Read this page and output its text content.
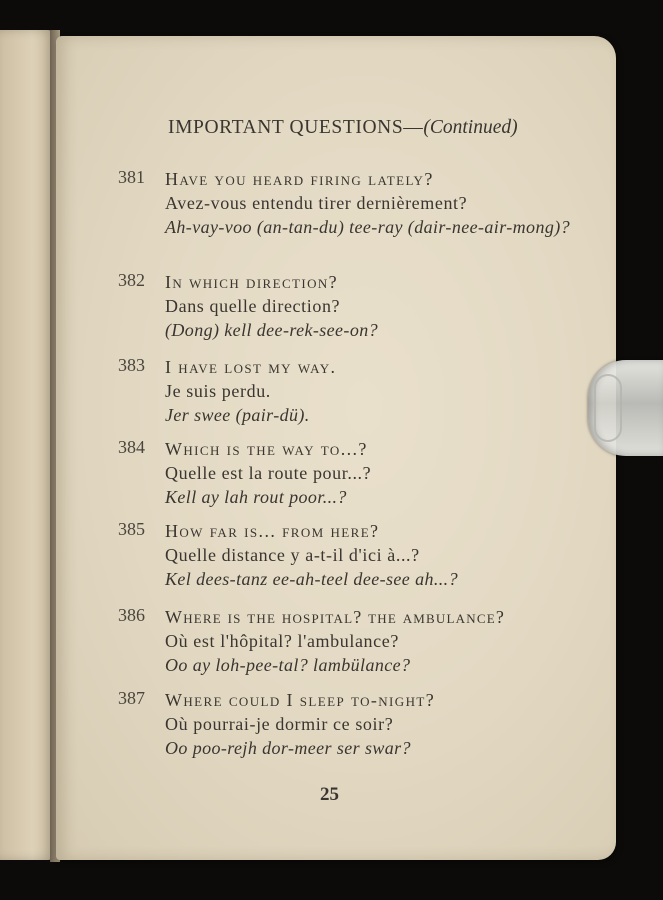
IMPORTANT QUESTIONS—(Continued)
381 Have you heard firing lately?
Avez-vous entendu tirer dernièrement?
Ah-vay-voo (an-tan-du) tee-ray (dair-nee-air-mong)?
382 In which direction?
Dans quelle direction?
(Dong) kell dee-rek-see-on?
383 I have lost my way.
Je suis perdu.
Jer swee (pair-dü).
384 Which is the way to...?
Quelle est la route pour...?
Kell ay lah rout poor...?
385 How far is... from here?
Quelle distance y a-t-il d'ici à...?
Kel dees-tanz ee-ah-teel dee-see ah...?
386 Where is the hospital? the ambulance?
Où est l'hôpital? l'ambulance?
Oo ay loh-pee-tal? lambülance?
387 Where could I sleep to-night?
Où pourrai-je dormir ce soir?
Oo poo-rejh dor-meer ser swar?
25
